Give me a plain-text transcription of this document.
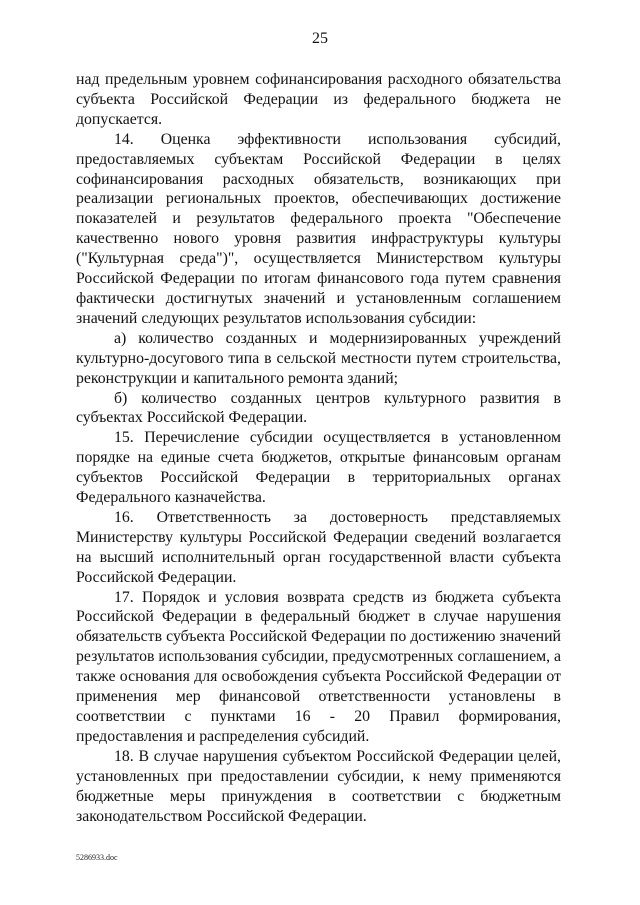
25

над предельным уровнем софинансирования расходного обязательства субъекта Российской Федерации из федерального бюджета не допускается.

14. Оценка эффективности использования субсидий, предоставляемых субъектам Российской Федерации в целях софинансирования расходных обязательств, возникающих при реализации региональных проектов, обеспечивающих достижение показателей и результатов федерального проекта "Обеспечение качественно нового уровня развития инфраструктуры культуры ("Культурная среда")", осуществляется Министерством культуры Российской Федерации по итогам финансового года путем сравнения фактически достигнутых значений и установленным соглашением значений следующих результатов использования субсидии:

а) количество созданных и модернизированных учреждений культурно-досугового типа в сельской местности путем строительства, реконструкции и капитального ремонта зданий;

б) количество созданных центров культурного развития в субъектах Российской Федерации.

15. Перечисление субсидии осуществляется в установленном порядке на единые счета бюджетов, открытые финансовым органам субъектов Российской Федерации в территориальных органах Федерального казначейства.

16. Ответственность за достоверность представляемых Министерству культуры Российской Федерации сведений возлагается на высший исполнительный орган государственной власти субъекта Российской Федерации.

17. Порядок и условия возврата средств из бюджета субъекта Российской Федерации в федеральный бюджет в случае нарушения обязательств субъекта Российской Федерации по достижению значений результатов использования субсидии, предусмотренных соглашением, а также основания для освобождения субъекта Российской Федерации от применения мер финансовой ответственности установлены в соответствии с пунктами 16 - 20 Правил формирования, предоставления и распределения субсидий.

18. В случае нарушения субъектом Российской Федерации целей, установленных при предоставлении субсидии, к нему применяются бюджетные меры принуждения в соответствии с бюджетным законодательством Российской Федерации.

5286933.doc
